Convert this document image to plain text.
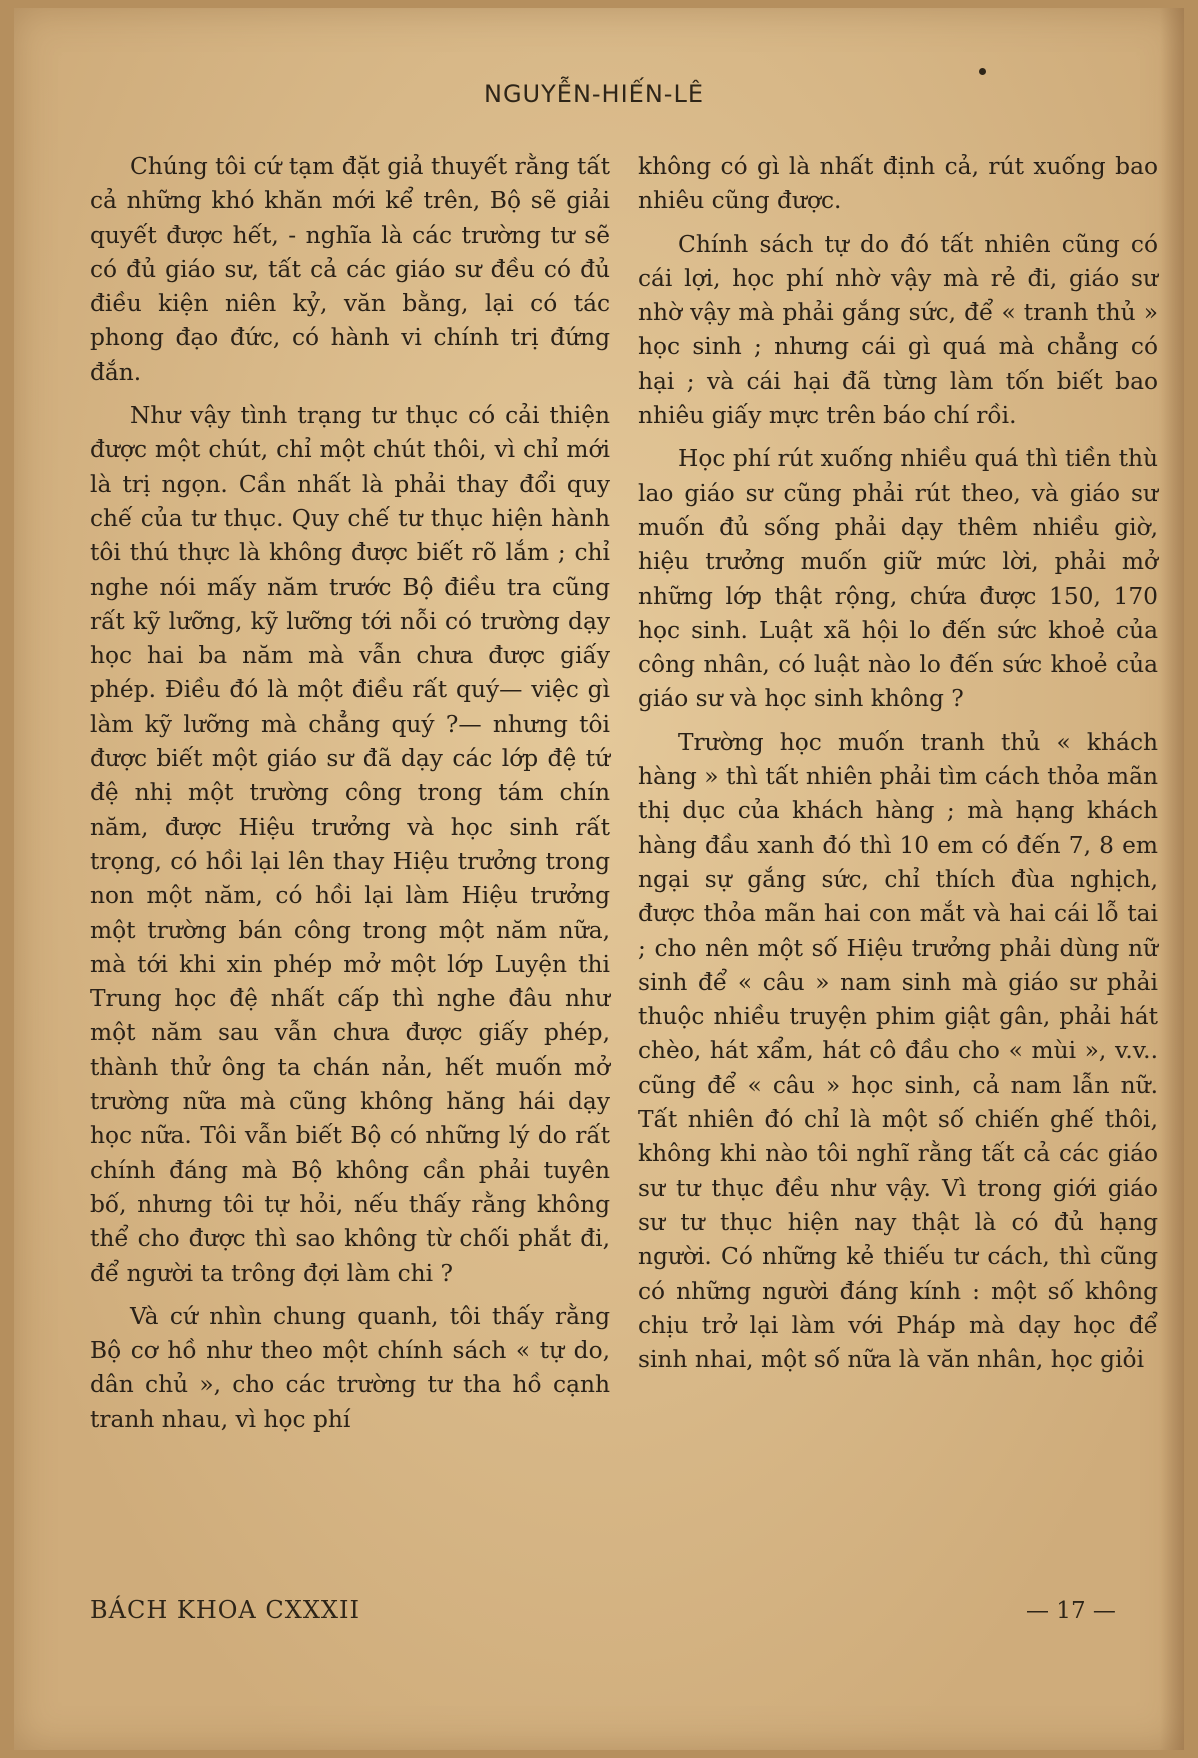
NGUYỄN-HIẾN-LÊ

Chúng tôi cứ tạm đặt giả thuyết rằng tất cả những khó khăn mới kể trên, Bộ sẽ giải quyết được hết, - nghĩa là các trường tư sẽ có đủ giáo sư, tất cả các giáo sư đều có đủ điều kiện niên kỷ, văn bằng, lại có tác phong đạo đức, có hành vi chính trị đứng đắn.

Như vậy tình trạng tư thục có cải thiện được một chút, chỉ một chút thôi, vì chỉ mới là trị ngọn. Cần nhất là phải thay đổi quy chế của tư thục. Quy chế tư thục hiện hành tôi thú thực là không được biết rõ lắm ; chỉ nghe nói mấy năm trước Bộ điều tra cũng rất kỹ lưỡng, kỹ lưỡng tới nỗi có trường dạy học hai ba năm mà vẫn chưa được giấy phép. Điều đó là một điều rất quý— việc gì làm kỹ lưỡng mà chẳng quý ?— nhưng tôi được biết một giáo sư đã dạy các lớp đệ tứ đệ nhị một trường công trong tám chín năm, được Hiệu trưởng và học sinh rất trọng, có hồi lại lên thay Hiệu trưởng trong non một năm, có hồi lại làm Hiệu trưởng một trường bán công trong một năm nữa, mà tới khi xin phép mở một lớp Luyện thi Trung học đệ nhất cấp thì nghe đâu như một năm sau vẫn chưa được giấy phép, thành thử ông ta chán nản, hết muốn mở trường nữa mà cũng không hăng hái dạy học nữa. Tôi vẫn biết Bộ có những lý do rất chính đáng mà Bộ không cần phải tuyên bố, nhưng tôi tự hỏi, nếu thấy rằng không thể cho được thì sao không từ chối phắt đi, để người ta trông đợi làm chi ?

Và cứ nhìn chung quanh, tôi thấy rằng Bộ cơ hồ như theo một chính sách « tự do, dân chủ », cho các trường tư tha hồ cạnh tranh nhau, vì học phí

không có gì là nhất định cả, rút xuống bao nhiêu cũng được.

Chính sách tự do đó tất nhiên cũng có cái lợi, học phí nhờ vậy mà rẻ đi, giáo sư nhờ vậy mà phải gắng sức, để « tranh thủ » học sinh ; nhưng cái gì quá mà chẳng có hại ; và cái hại đã từng làm tốn biết bao nhiêu giấy mực trên báo chí rồi.

Học phí rút xuống nhiều quá thì tiền thù lao giáo sư cũng phải rút theo, và giáo sư muốn đủ sống phải dạy thêm nhiều giờ, hiệu trưởng muốn giữ mức lời, phải mở những lớp thật rộng, chứa được 150, 170 học sinh. Luật xã hội lo đến sức khoẻ của công nhân, có luật nào lo đến sức khoẻ của giáo sư và học sinh không ?

Trường học muốn tranh thủ « khách hàng » thì tất nhiên phải tìm cách thỏa mãn thị dục của khách hàng ; mà hạng khách hàng đầu xanh đó thì 10 em có đến 7, 8 em ngại sự gắng sức, chỉ thích đùa nghịch, được thỏa mãn hai con mắt và hai cái lỗ tai ; cho nên một số Hiệu trưởng phải dùng nữ sinh để « câu » nam sinh mà giáo sư phải thuộc nhiều truyện phim giật gân, phải hát chèo, hát xẩm, hát cô đầu cho « mùi », v.v.. cũng để « câu » học sinh, cả nam lẫn nữ. Tất nhiên đó chỉ là một số chiến ghế thôi, không khi nào tôi nghĩ rằng tất cả các giáo sư tư thục đều như vậy. Vì trong giới giáo sư tư thục hiện nay thật là có đủ hạng người. Có những kẻ thiếu tư cách, thì cũng có những người đáng kính : một số không chịu trở lại làm với Pháp mà dạy học để sinh nhai, một số nữa là văn nhân, học giỏi

BÁCH KHOA CXXXII	— 17 —
